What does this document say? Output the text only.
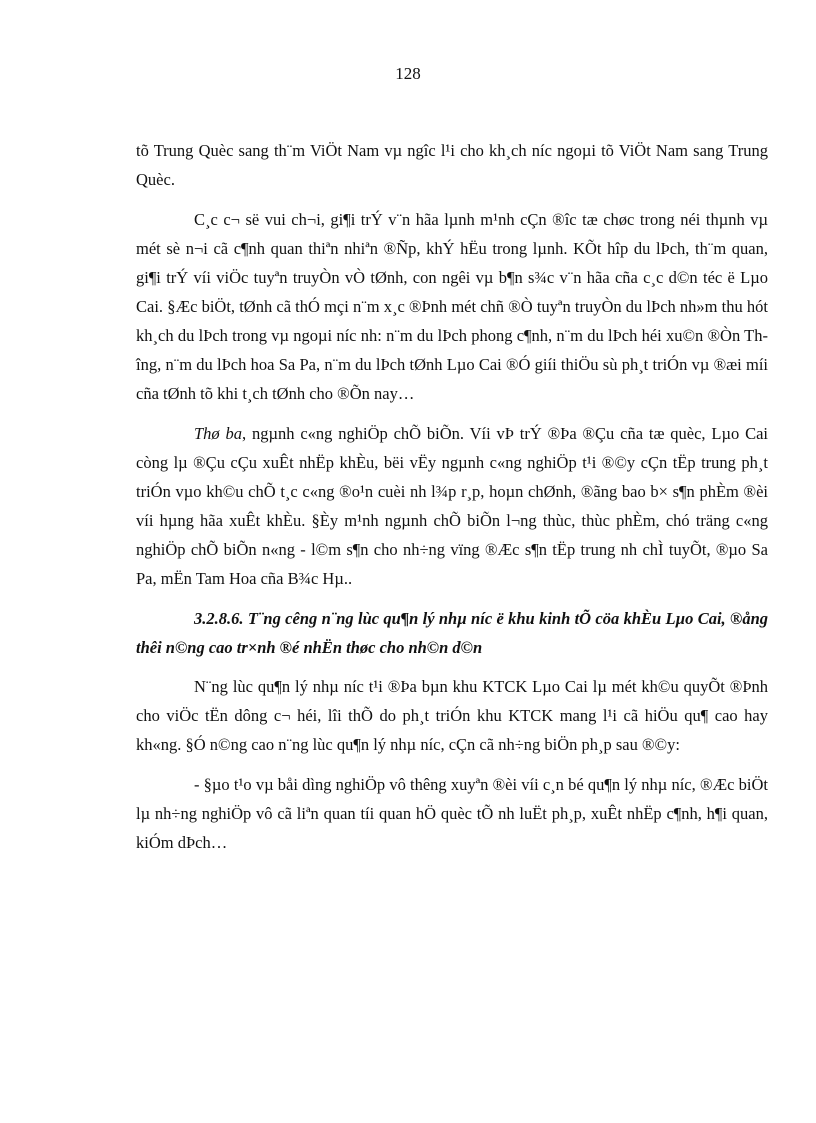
128

tõ Trung Quèc sang th¨m ViÖt Nam vµ ngîc l¹i cho kh¸ch níc ngoµi tõ ViÖt Nam sang Trung Quèc.

C¸c c¬ së vui ch¬i, gi¶i trÝ v¨n hãa lµnh m¹nh cÇn ®îc tæ chøc trong néi thµnh vµ mét sè n¬i cã c¶nh quan thiªn nhiªn ®Ñp, khÝ hËu trong lµnh. KÕt hîp du lÞch, th¨m quan, gi¶i trÝ víi viÖc tuyªn truyÒn vÒ tØnh, con ngêi vµ b¶n s¾c v¨n hãa cña c¸c d©n téc ë Lµo Cai. §Æc biÖt, tØnh cã thÓ mçi n¨m x¸c ®Þnh mét chñ ®Ò tuyªn truyÒn du lÞch nh»m thu hót kh¸ch du lÞch trong vµ ngoµi níc nh: n¨m du lÞch phong c¶nh, n¨m du lÞch héi xu©n ®Òn Thîng, n¨m du lÞch hoa Sa Pa, n¨m du lÞch tØnh Lµo Cai ®Ó giíi thiÖu sù ph¸t triÓn vµ ®æi míi cña tØnh tõ khi t¸ch tØnh cho ®Õn nay…

Thø ba, ngµnh c«ng nghiÖp chÕ biÕn. Víi vÞ trÝ ®Þa ®Çu cña tæ quèc, Lµo Cai còng lµ ®Çu cÇu xuÊt nhËp khÈu, bëi vËy ngµnh c«ng nghiÖp t¹i ®©y cÇn tËp trung ph¸t triÓn vµo kh©u chÕ t¸c c«ng ®o¹n cuèi nh l¾p r¸p, hoµn chØnh, ®ãng bao b× s¶n phÈm ®èi víi hµng hãa xuÊt khÈu. §Èy m¹nh ngµnh chÕ biÕn l¬ng thùc, thùc phÈm, chó träng c«ng nghiÖp chÕ biÕn n«ng - l©m s¶n cho nh÷ng vïng ®Æc s¶n tËp trung nh chÌ tuyÕt, ®µo Sa Pa, mËn Tam Hoa cña B¾c Hµ..

3.2.8.6. T¨ng cêng n¨ng lùc qu¶n lý nhµ níc ë khu kinh tÕ cöa khÈu Lµo Cai, ®ång thêi n©ng cao tr×nh ®é nhËn thøc cho nh©n d©n

N¨ng lùc qu¶n lý nhµ níc t¹i ®Þa bµn khu KTCK Lµo Cai lµ mét kh©u quyÕt ®Þnh cho viÖc tËn dông c¬ héi, lîi thÕ do ph¸t triÓn khu KTCK mang l¹i cã hiÖu qu¶ cao hay kh«ng. §Ó n©ng cao n¨ng lùc qu¶n lý nhµ níc, cÇn cã nh÷ng biÖn ph¸p sau ®©y:

- §µo t¹o vµ båi dìng nghiÖp vô thêng xuyªn ®èi víi c¸n bé qu¶n lý nhµ níc, ®Æc biÖt lµ nh÷ng nghiÖp vô cã liªn quan tíi quan hÖ quèc tÕ nh luËt ph¸p, xuÊt nhËp c¶nh, h¶i quan, kiÓm dÞch…
